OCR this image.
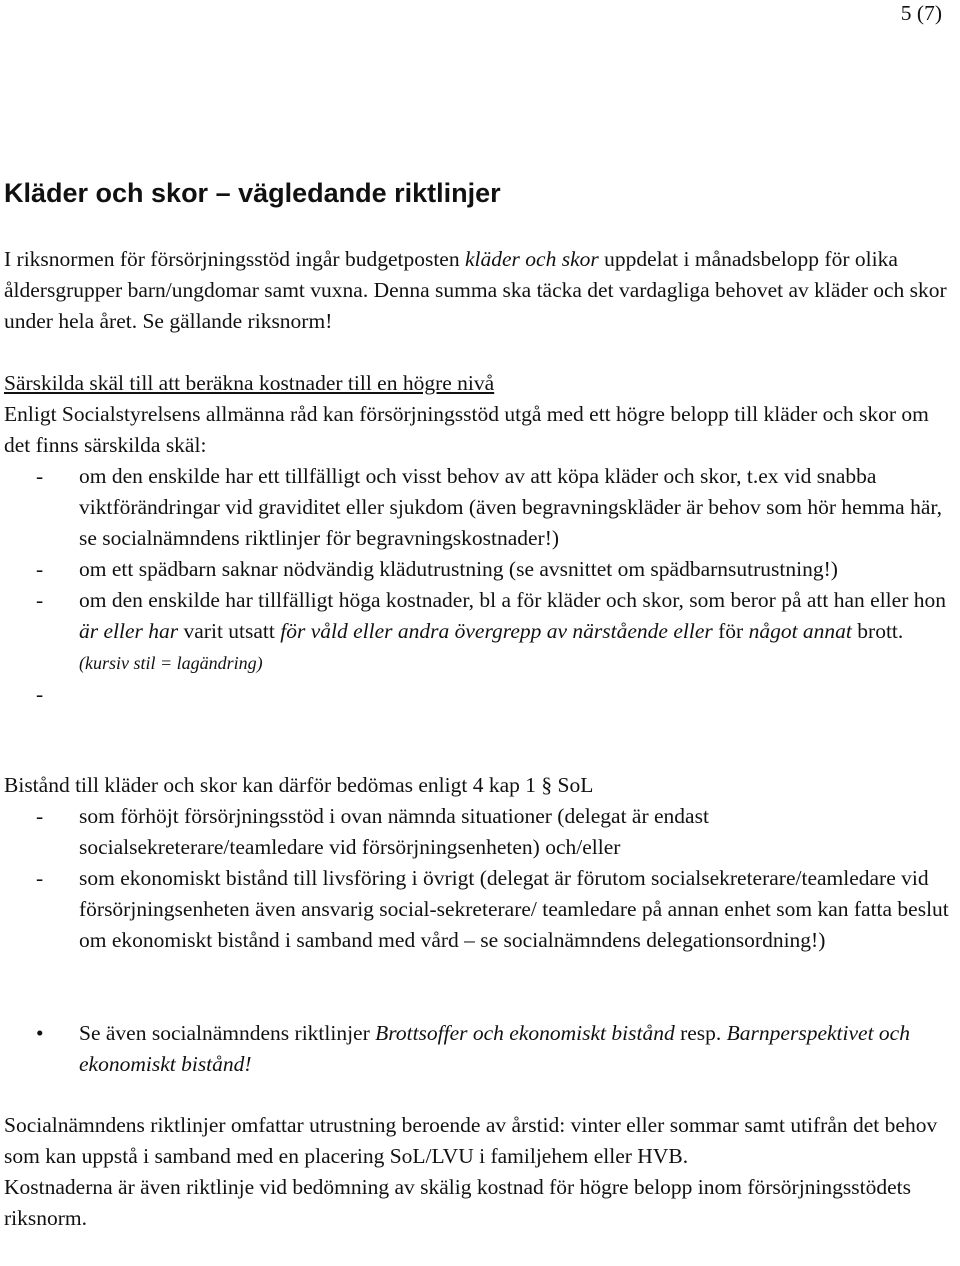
5 (7)
Kläder och skor – vägledande riktlinjer

I riksnormen för försörjningsstöd ingår budgetposten kläder och skor uppdelat i månadsbelopp för olika åldersgrupper barn/ungdomar samt vuxna. Denna summa ska täcka det vardagliga behovet av kläder och skor under hela året. Se gällande riksnorm!

Särskilda skäl till att beräkna kostnader till en högre nivå

Enligt Socialstyrelsens allmänna råd kan försörjningsstöd utgå med ett högre belopp till kläder och skor om det finns särskilda skäl:

- om den enskilde har ett tillfälligt och visst behov av att köpa kläder och skor, t.ex vid snabba viktförändringar vid graviditet eller sjukdom (även begravningskläder är behov som hör hemma här, se socialnämndens riktlinjer för begravningskostnader!)
- om ett spädbarn saknar nödvändig klädutrustning (se avsnittet om spädbarnsutrustning!)
- om den enskilde har tillfälligt höga kostnader, bl a för kläder och skor, som beror på att han eller hon är eller har varit utsatt för våld eller andra övergrepp av närstående eller för något annat brott. (kursiv stil = lagändring)
-

Bistånd till kläder och skor kan därför bedömas enligt 4 kap 1 § SoL

- som förhöjt försörjningsstöd i ovan nämnda situationer (delegat är endast socialsekreterare/teamledare vid försörjningsenheten) och/eller
- som ekonomiskt bistånd till livsföring i övrigt (delegat är förutom socialsekreterare/teamledare vid försörjningsenheten även ansvarig social-sekreterare/ teamledare på annan enhet som kan fatta beslut om ekonomiskt bistånd i samband med vård – se socialnämndens delegationsordning!)
• Se även socialnämndens riktlinjer Brottsoffer och ekonomiskt bistånd resp. Barnperspektivet och ekonomiskt bistånd!

Socialnämndens riktlinjer omfattar utrustning beroende av årstid: vinter eller sommar samt utifrån det behov som kan uppstå i samband med en placering SoL/LVU i familjehem eller HVB.

Kostnaderna är även riktlinje vid bedömning av skälig kostnad för högre belopp inom försörjningsstödets riksnorm.
